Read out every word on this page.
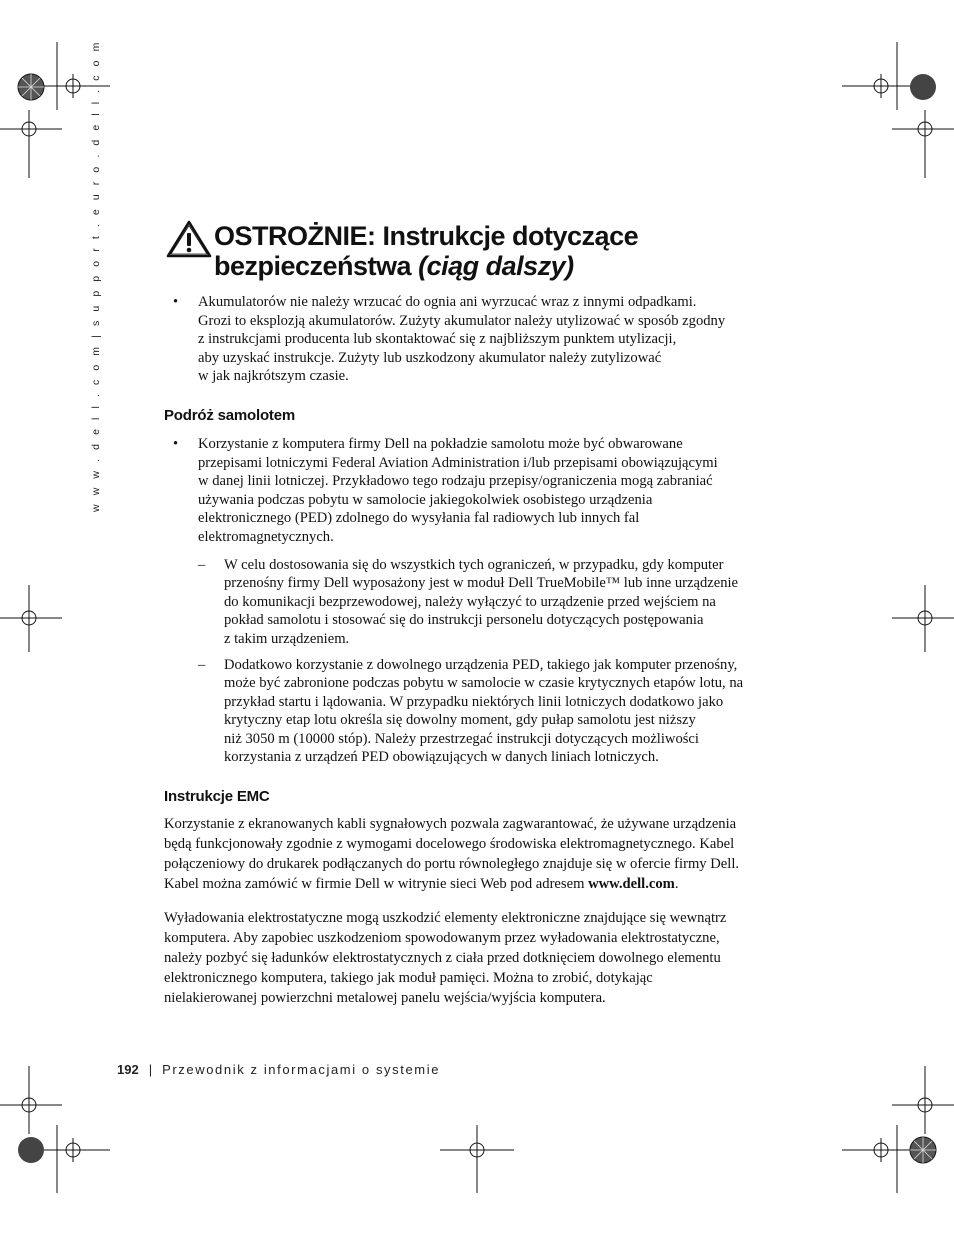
w w w . d e l l . c o m | s u p p o r t . e u r o . d e l l . c o m	OSTROŻNIE: Instrukcje dotyczące bezpieczeństwa (ciąg dalszy)
• Akumulatorów nie należy wrzucać do ognia ani wyrzucać wraz z innymi odpadkami.
Grozi to eksplozją akumulatorów. Zużyty akumulator należy utylizować w sposób zgodny
z instrukcjami producenta lub skontaktować się z najbliższym punktem utylizacji,
aby uzyskać instrukcje. Zużyty lub uszkodzony akumulator należy zutylizować
w jak najkrótszym czasie.
Podróż samolotem
• Korzystanie z komputera firmy Dell na pokładzie samolotu może być obwarowane
przepisami lotniczymi Federal Aviation Administration i/lub przepisami obowiązującymi
w danej linii lotniczej. Przykładowo tego rodzaju przepisy/ograniczenia mogą zabraniać
używania podczas pobytu w samolocie jakiegokolwiek osobistego urządzenia
elektronicznego (PED) zdolnego do wysyłania fal radiowych lub innych fal
elektromagnetycznych.
– W celu dostosowania się do wszystkich tych ograniczeń, w przypadku, gdy komputer
przenośny firmy Dell wyposażony jest w moduł Dell TrueMobile™ lub inne urządzenie
do komunikacji bezprzewodowej, należy wyłączyć to urządzenie przed wejściem na
pokład samolotu i stosować się do instrukcji personelu dotyczących postępowania
z takim urządzeniem.
– Dodatkowo korzystanie z dowolnego urządzenia PED, takiego jak komputer przenośny,
może być zabronione podczas pobytu w samolocie w czasie krytycznych etapów lotu, na
przykład startu i lądowania. W przypadku niektórych linii lotniczych dodatkowo jako
krytyczny etap lotu określa się dowolny moment, gdy pułap samolotu jest niższy
niż 3050 m (10000 stóp). Należy przestrzegać instrukcji dotyczących możliwości
korzystania z urządzeń PED obowiązujących w danych liniach lotniczych.
Instrukcje EMC

Korzystanie z ekranowanych kabli sygnałowych pozwala zagwarantować, że używane urządzenia
będą funkcjonowały zgodnie z wymogami docelowego środowiska elektromagnetycznego. Kabel
połączeniowy do drukarek podłączanych do portu równoległego znajduje się w ofercie firmy Dell.
Kabel można zamówić w firmie Dell w witrynie sieci Web pod adresem www.dell.com.

Wyładowania elektrostatyczne mogą uszkodzić elementy elektroniczne znajdujące się wewnątrz
komputera. Aby zapobiec uszkodzeniom spowodowanym przez wyładowania elektrostatyczne,
należy pozbyć się ładunków elektrostatycznych z ciała przed dotknięciem dowolnego elementu
elektronicznego komputera, takiego jak moduł pamięci. Można to zrobić, dotykając
nielakierowanej powierzchni metalowej panelu wejścia/wyjścia komputera.

192 | Przewodnik z informacjami o systemie
